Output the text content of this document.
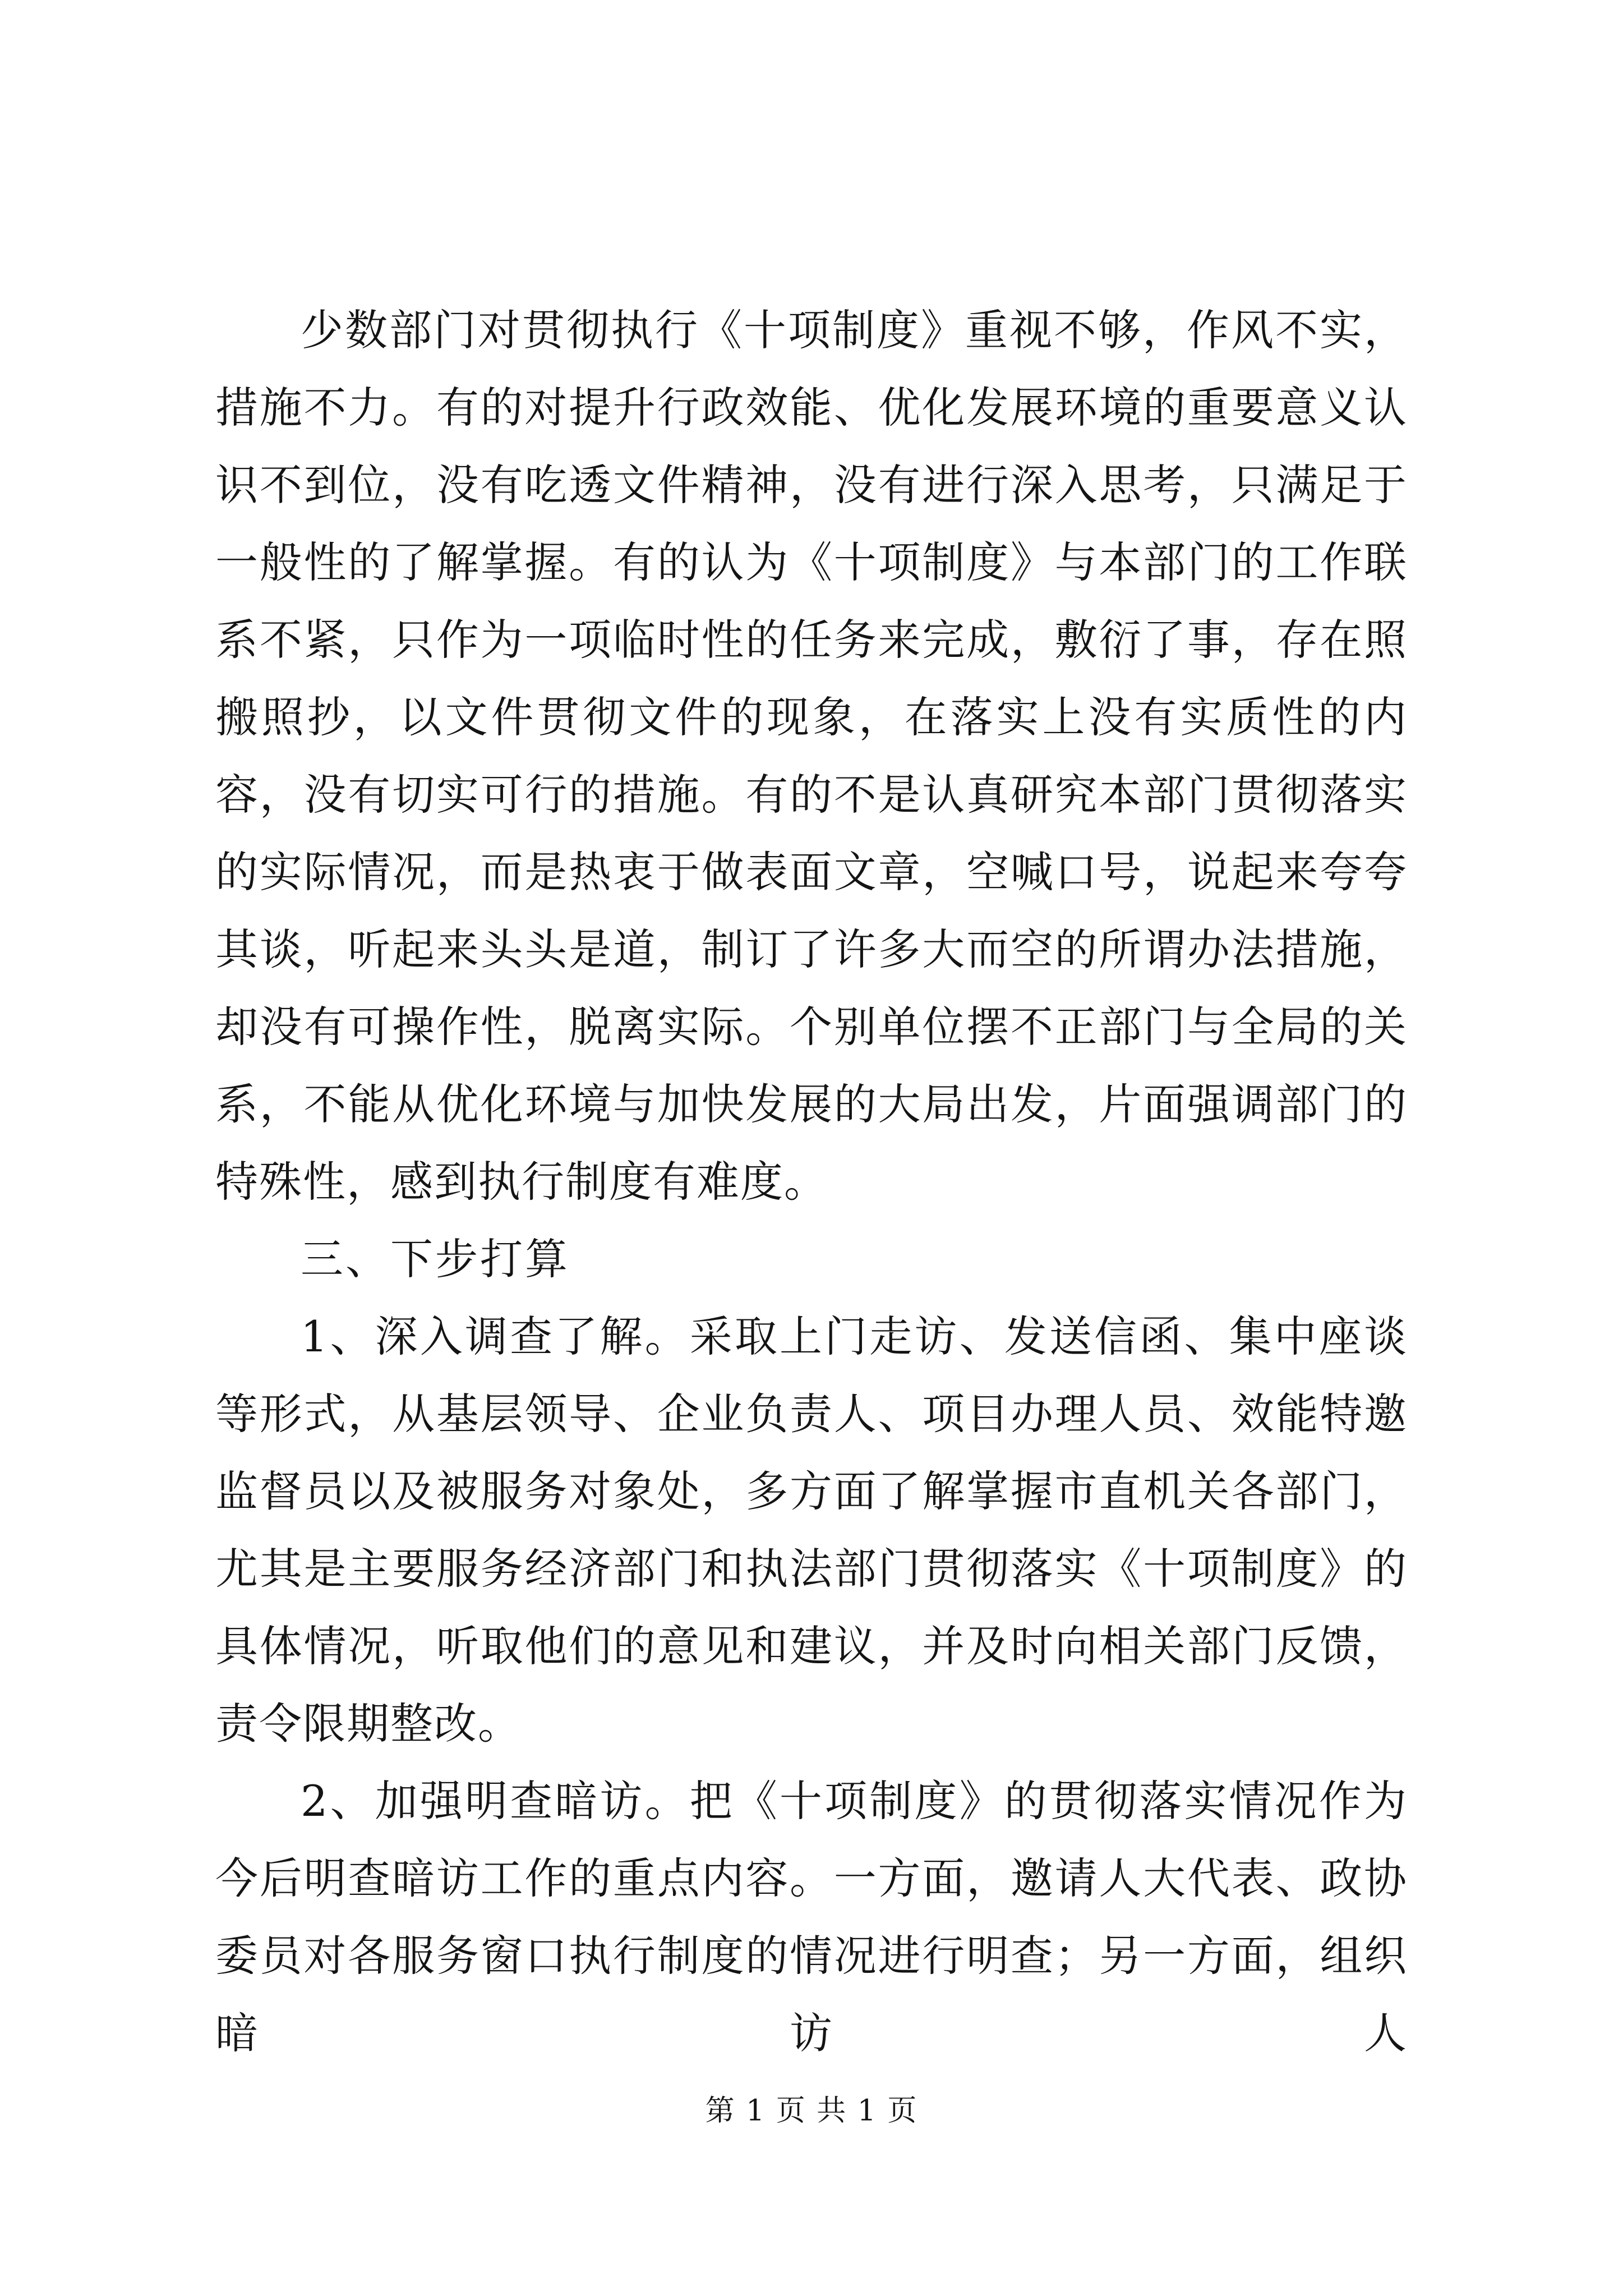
少数部门对贯彻执行《十项制度》重视不够，作风不实，措施不力。有的对提升行政效能、优化发展环境的重要意义认识不到位，没有吃透文件精神，没有进行深入思考，只满足于一般性的了解掌握。有的认为《十项制度》与本部门的工作联系不紧，只作为一项临时性的任务来完成，敷衍了事，存在照搬照抄，以文件贯彻文件的现象，在落实上没有实质性的内容，没有切实可行的措施。有的不是认真研究本部门贯彻落实的实际情况，而是热衷于做表面文章，空喊口号，说起来夸夸其谈，听起来头头是道，制订了许多大而空的所谓办法措施，却没有可操作性，脱离实际。个别单位摆不正部门与全局的关系，不能从优化环境与加快发展的大局出发，片面强调部门的特殊性，感到执行制度有难度。

三、下步打算

1、深入调查了解。采取上门走访、发送信函、集中座谈等形式，从基层领导、企业负责人、项目办理人员、效能特邀监督员以及被服务对象处，多方面了解掌握市直机关各部门，尤其是主要服务经济部门和执法部门贯彻落实《十项制度》的具体情况，听取他们的意见和建议，并及时向相关部门反馈，责令限期整改。

2、加强明查暗访。把《十项制度》的贯彻落实情况作为今后明查暗访工作的重点内容。一方面，邀请人大代表、政协委员对各服务窗口执行制度的情况进行明查；另一方面，组织暗访人

第 1 页 共 1 页
